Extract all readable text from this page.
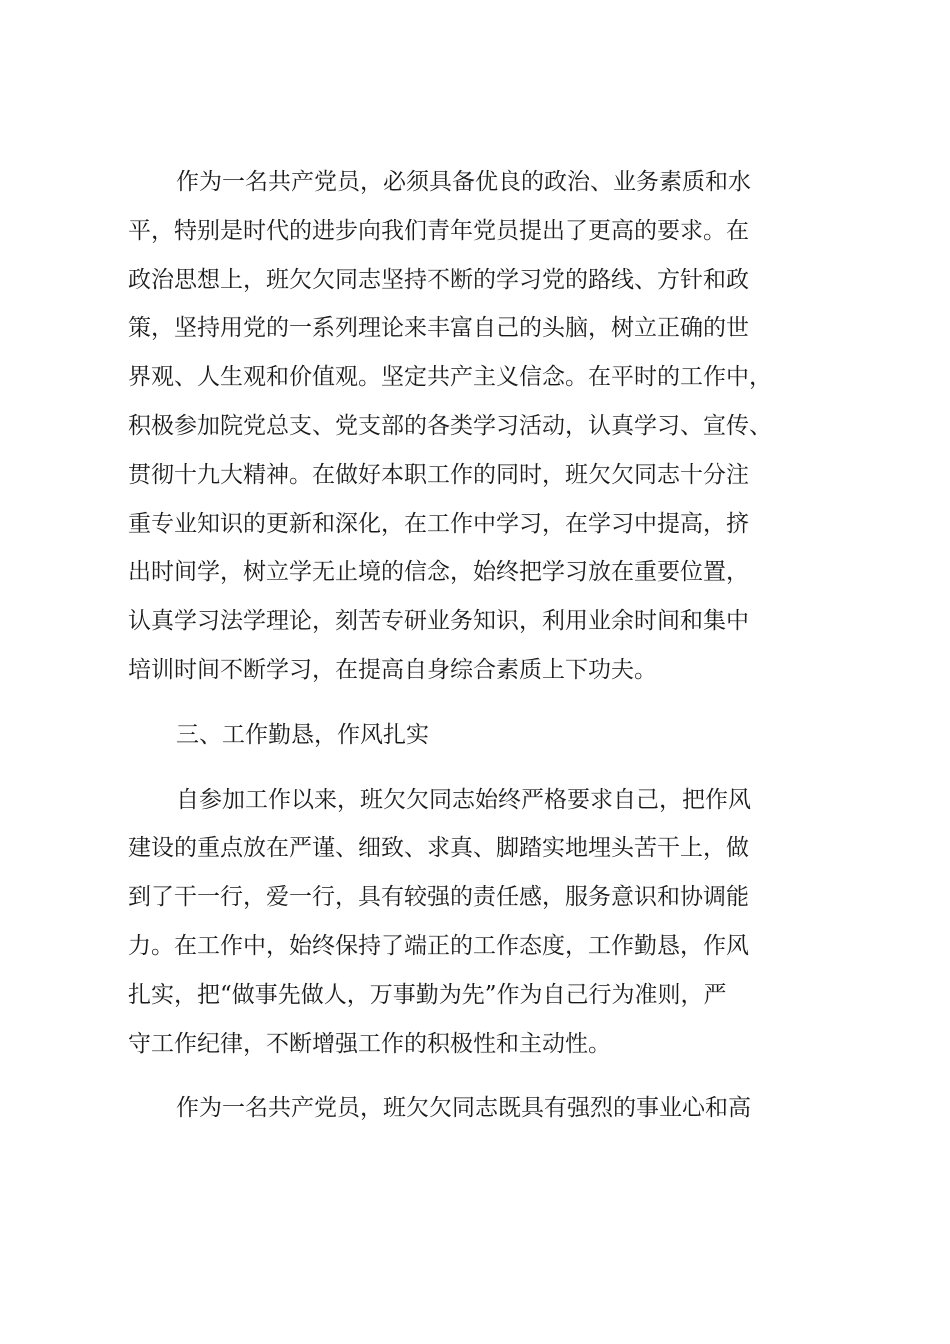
作为一名共产党员，必须具备优良的政治、业务素质和水
平，特别是时代的进步向我们青年党员提出了更高的要求。在
政治思想上，班欠欠同志坚持不断的学习党的路线、方针和政
策，坚持用党的一系列理论来丰富自己的头脑，树立正确的世
界观、人生观和价值观。坚定共产主义信念。在平时的工作中，
积极参加院党总支、党支部的各类学习活动，认真学习、宣传、
贯彻十九大精神。在做好本职工作的同时，班欠欠同志十分注
重专业知识的更新和深化，在工作中学习，在学习中提高，挤
出时间学，树立学无止境的信念，始终把学习放在重要位置，
认真学习法学理论，刻苦专研业务知识，利用业余时间和集中
培训时间不断学习，在提高自身综合素质上下功夫。
三、工作勤恳，作风扎实
自参加工作以来，班欠欠同志始终严格要求自己，把作风
建设的重点放在严谨、细致、求真、脚踏实地埋头苦干上，做
到了干一行，爱一行，具有较强的责任感，服务意识和协调能
力。在工作中，始终保持了端正的工作态度，工作勤恳，作风
扎实，把“做事先做人，万事勤为先”作为自己行为准则，严
守工作纪律，不断增强工作的积极性和主动性。
作为一名共产党员，班欠欠同志既具有强烈的事业心和高
